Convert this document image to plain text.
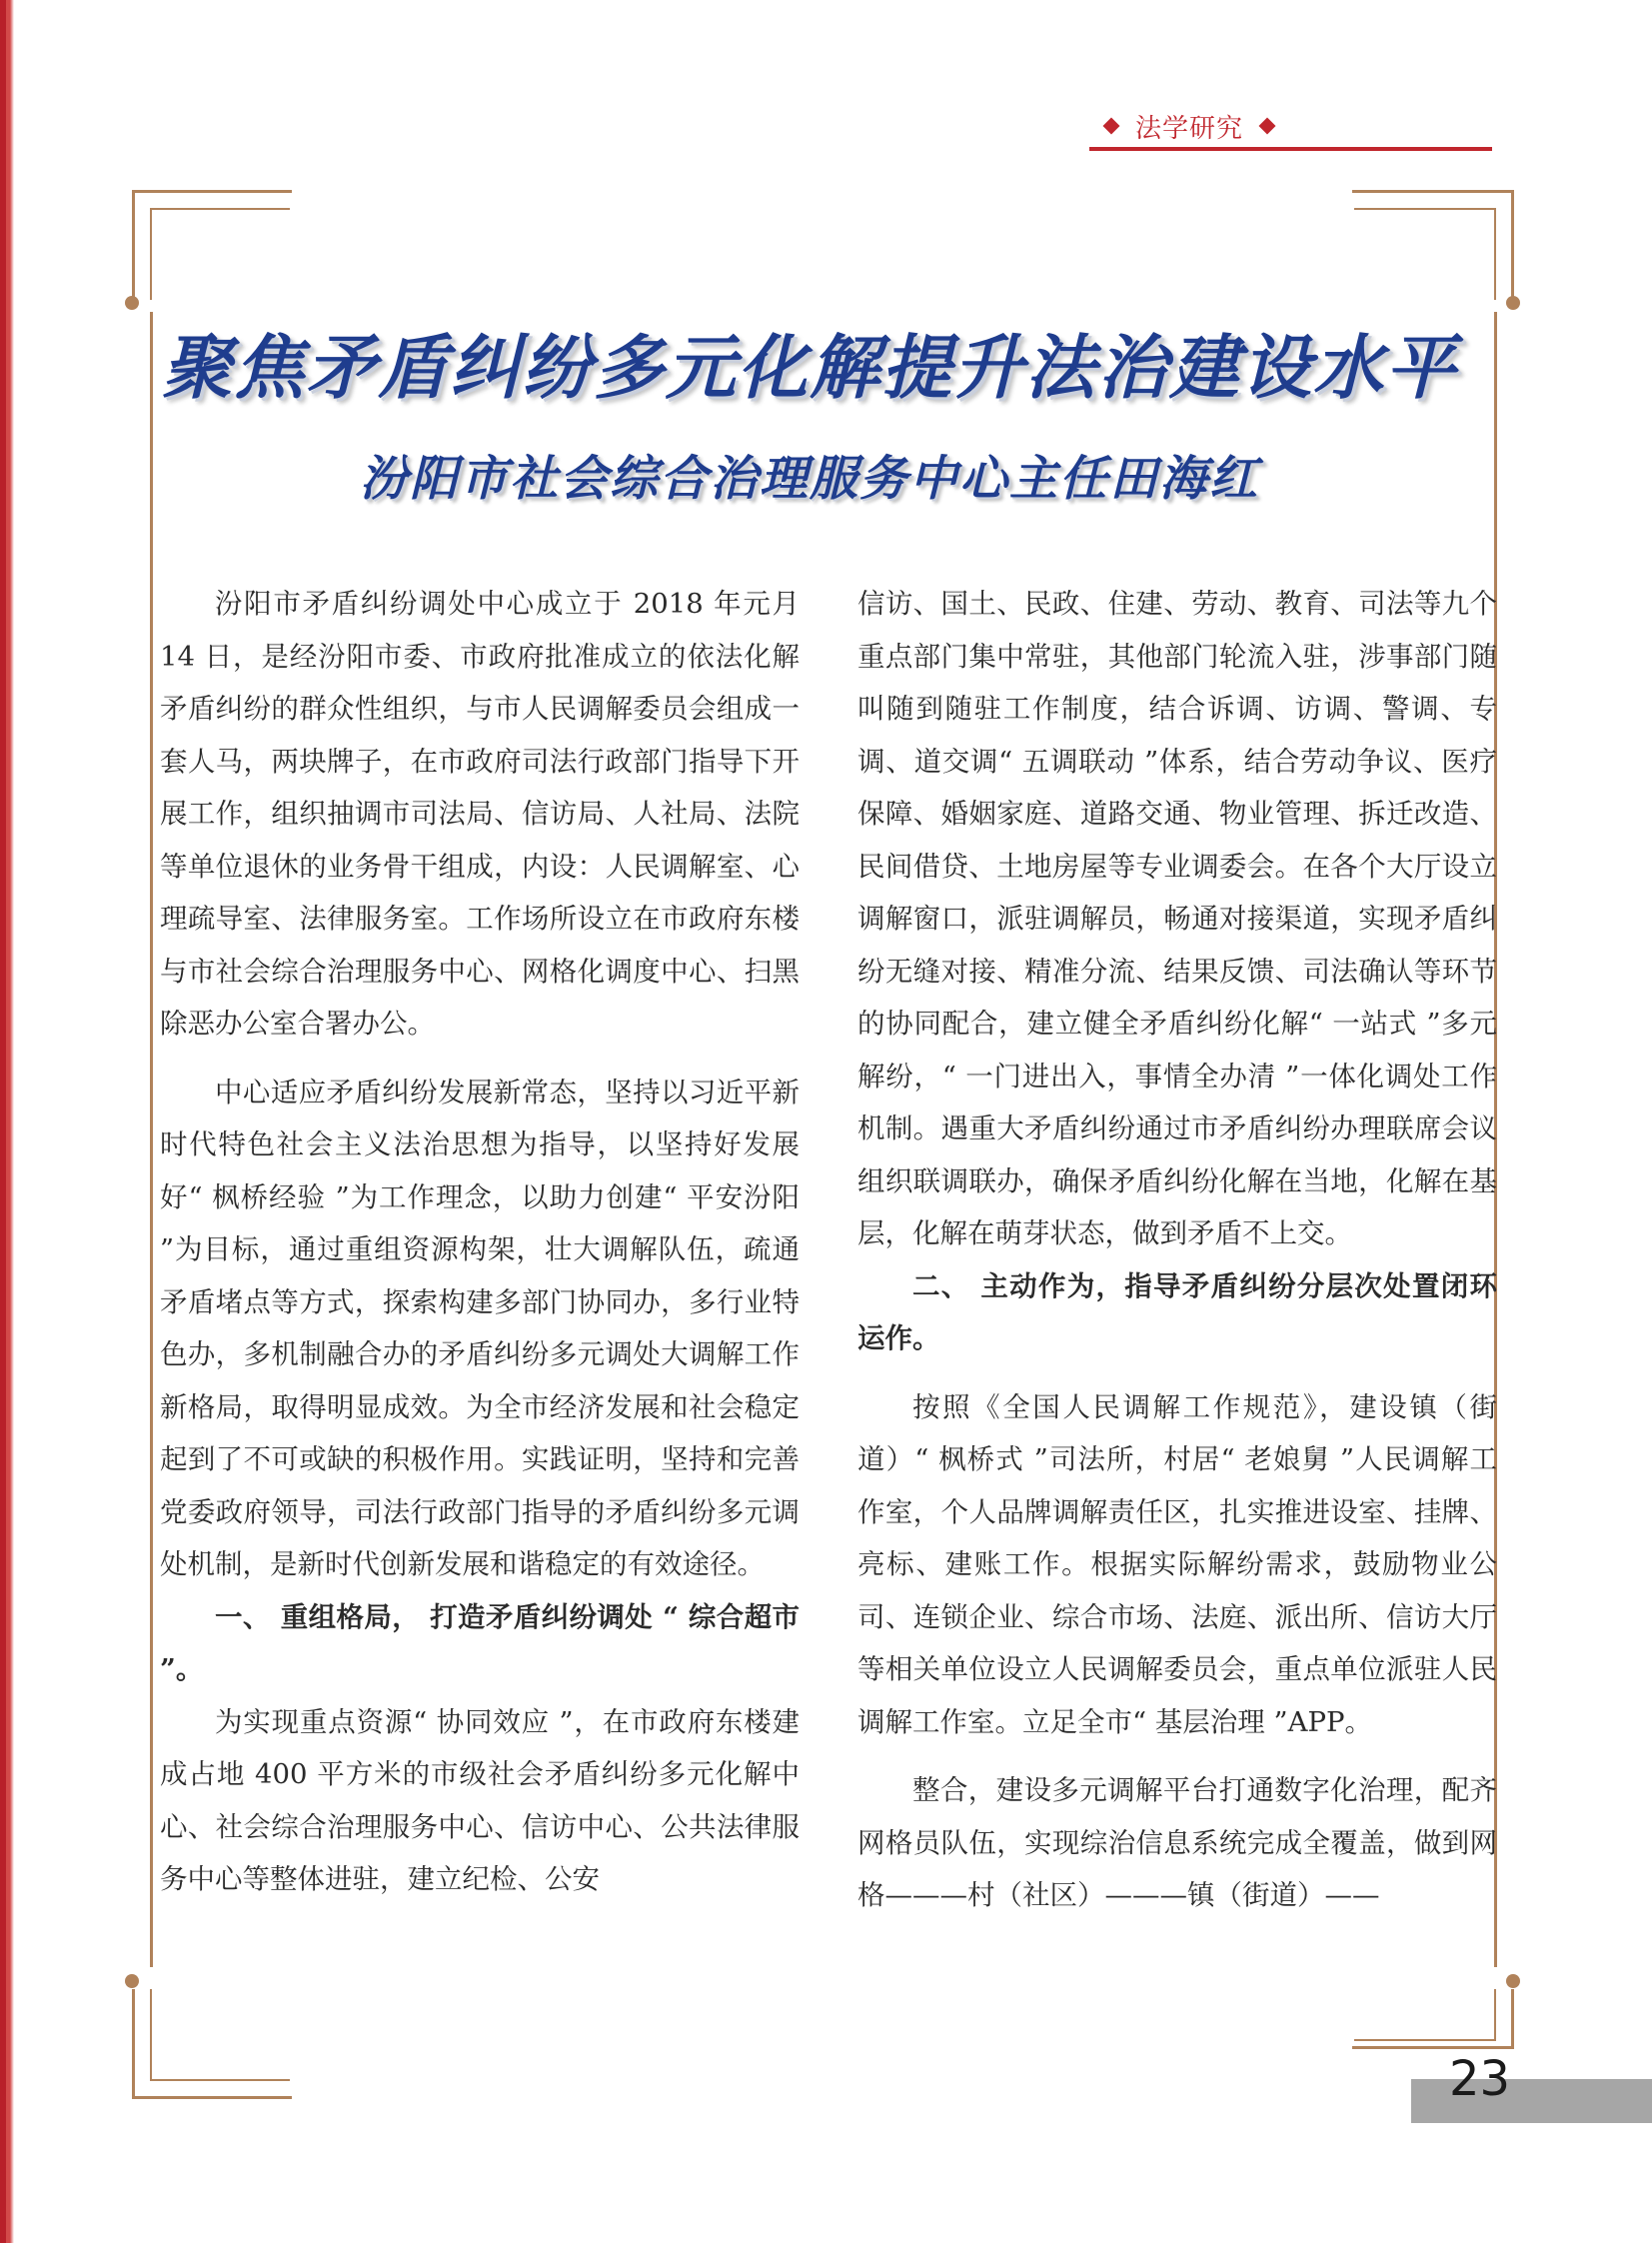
法学研究
聚焦矛盾纠纷多元化解提升法治建设水平
汾阳市社会综合治理服务中心主任田海红

汾阳市矛盾纠纷调处中心成立于 2018 年元月 14 日，是经汾阳市委、市政府批准成立的依法化解矛盾纠纷的群众性组织，与市人民调解委员会组成一套人马，两块牌子，在市政府司法行政部门指导下开展工作，组织抽调市司法局、信访局、人社局、法院等单位退休的业务骨干组成，内设：人民调解室、心理疏导室、法律服务室。工作场所设立在市政府东楼与市社会综合治理服务中心、网格化调度中心、扫黑除恶办公室合署办公。

中心适应矛盾纠纷发展新常态，坚持以习近平新时代特色社会主义法治思想为指导，以坚持好发展好“ 枫桥经验 ”为工作理念，以助力创建“ 平安汾阳 ”为目标，通过重组资源构架，壮大调解队伍，疏通矛盾堵点等方式，探索构建多部门协同办，多行业特色办，多机制融合办的矛盾纠纷多元调处大调解工作新格局，取得明显成效。为全市经济发展和社会稳定起到了不可或缺的积极作用。实践证明，坚持和完善党委政府领导，司法行政部门指导的矛盾纠纷多元调处机制，是新时代创新发展和谐稳定的有效途径。

一、 重组格局， 打造矛盾纠纷调处 “ 综合超市 ”。

为实现重点资源“ 协同效应 ”，在市政府东楼建成占地 400 平方米的市级社会矛盾纠纷多元化解中心、社会综合治理服务中心、信访中心、公共法律服务中心等整体进驻，建立纪检、公安

信访、国土、民政、住建、劳动、教育、司法等九个重点部门集中常驻，其他部门轮流入驻，涉事部门随叫随到随驻工作制度，结合诉调、访调、警调、专调、道交调“ 五调联动 ”体系，结合劳动争议、医疗保障、婚姻家庭、道路交通、物业管理、拆迁改造、民间借贷、土地房屋等专业调委会。在各个大厅设立调解窗口，派驻调解员，畅通对接渠道，实现矛盾纠纷无缝对接、精准分流、结果反馈、司法确认等环节的协同配合，建立健全矛盾纠纷化解“ 一站式 ”多元解纷，“ 一门进出入，事情全办清 ”一体化调处工作机制。遇重大矛盾纠纷通过市矛盾纠纷办理联席会议组织联调联办，确保矛盾纠纷化解在当地，化解在基层，化解在萌芽状态，做到矛盾不上交。

二、 主动作为，指导矛盾纠纷分层次处置闭环运作。

按照《全国人民调解工作规范》，建设镇（街道）“ 枫桥式 ”司法所，村居“ 老娘舅 ”人民调解工作室，个人品牌调解责任区，扎实推进设室、挂牌、亮标、建账工作。根据实际解纷需求，鼓励物业公司、连锁企业、综合市场、法庭、派出所、信访大厅等相关单位设立人民调解委员会，重点单位派驻人民调解工作室。立足全市“ 基层治理 ”APP。

整合，建设多元调解平台打通数字化治理，配齐网格员队伍，实现综治信息系统完成全覆盖，做到网格———村（社区）———镇（街道）——

23
